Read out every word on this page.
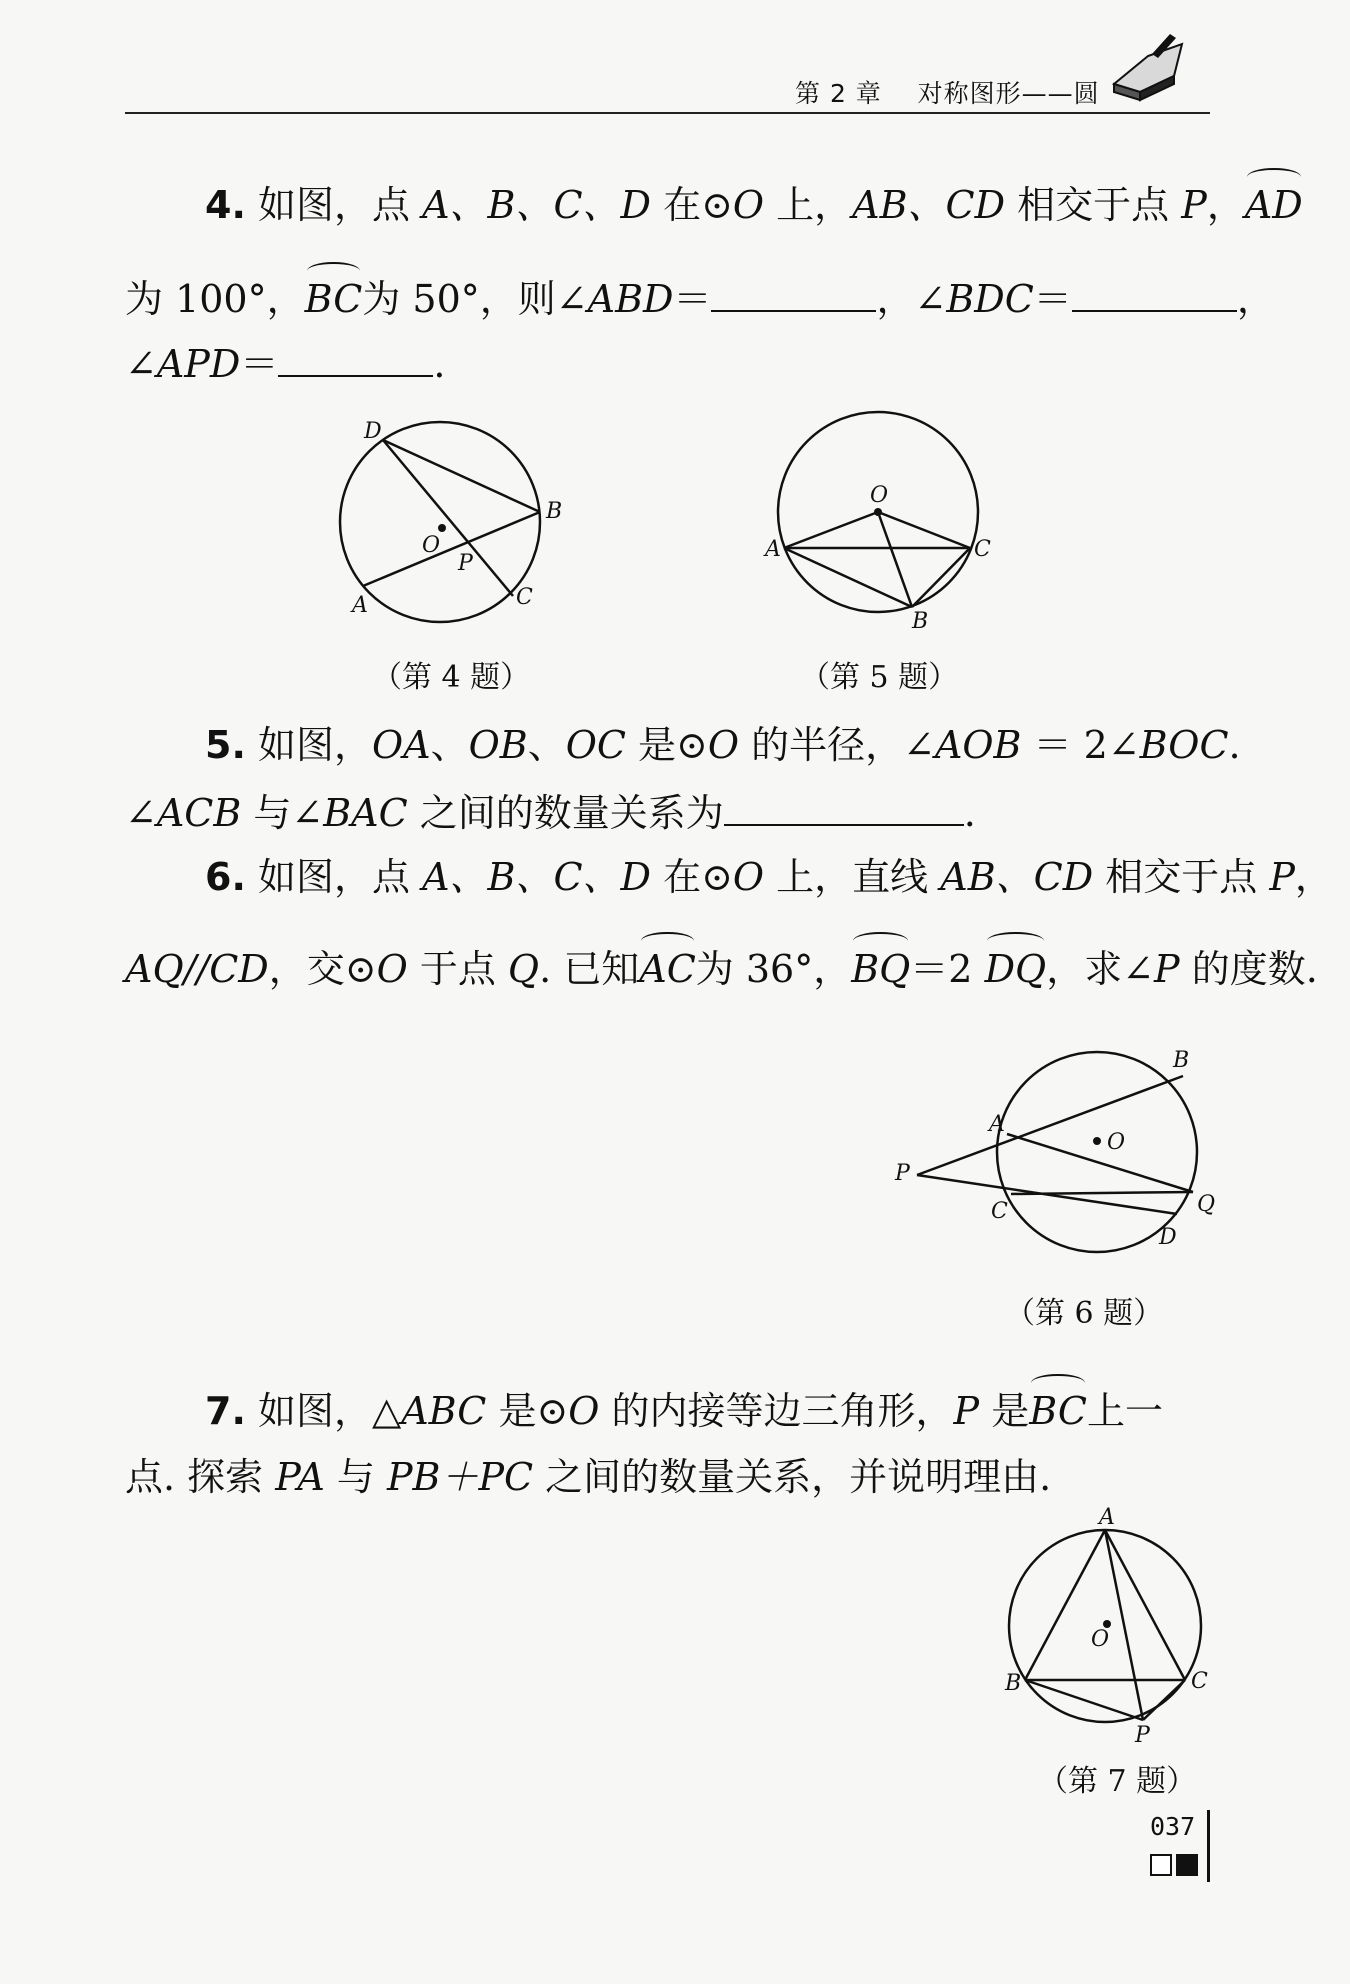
第 2 章 对称图形——圆
4. 如图，点 A、B、C、D 在⊙O 上，AB、CD 相交于点 P，AD
为 100°，BC为 50°，则∠ABD＝	，∠BDC＝	，
∠APD＝	.
D
B
O
P
A	C
（第 4 题）
O
A	C
B
（第 5 题）
5. 如图，OA、OB、OC 是⊙O 的半径，∠AOB ＝ 2∠BOC.
∠ACB 与∠BAC 之间的数量关系为	.
6. 如图，点 A、B、C、D 在⊙O 上，直线 AB、CD 相交于点 P，
AQ//CD，交⊙O 于点 Q. 已知AC为 36°，BQ＝2 DQ，求∠P 的度数.
B
A
O
P
Q
C
D
（第 6 题）
7. 如图，△ABC 是⊙O 的内接等边三角形，P 是BC上一
点. 探索 PA 与 PB＋PC 之间的数量关系，并说明理由.
A
O
B	C
P
（第 7 题）
037
